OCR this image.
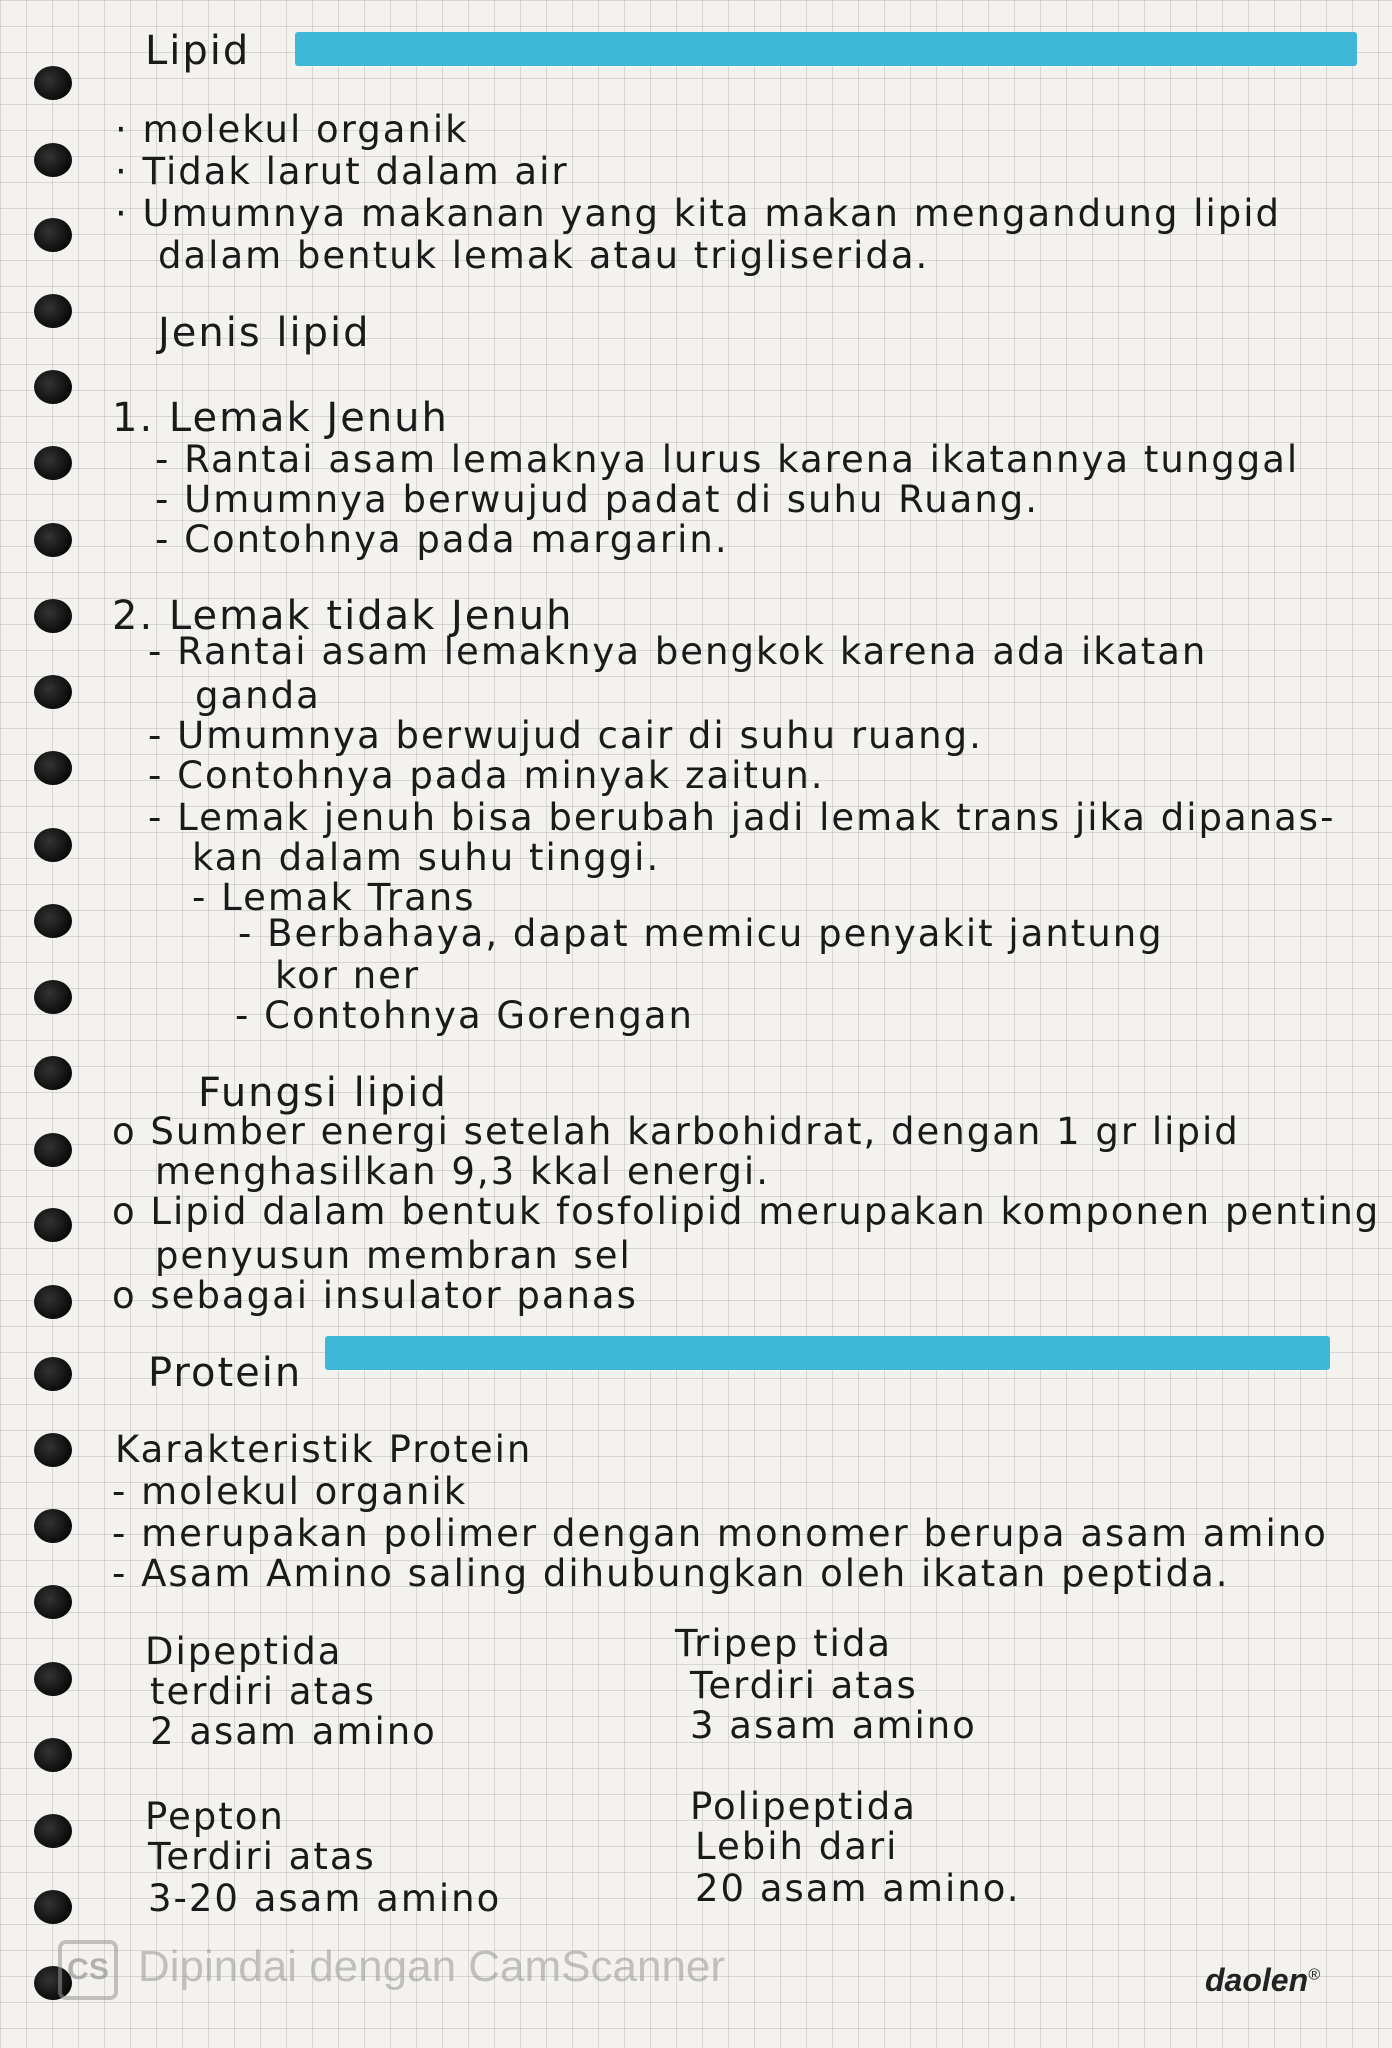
Lipid
· molekul organik
· Tidak larut dalam air
· Umumnya makanan yang kita makan mengandung lipid
dalam bentuk lemak atau trigliserida.
Jenis lipid
1. Lemak Jenuh
- Rantai asam lemaknya lurus karena ikatannya tunggal
- Umumnya berwujud padat di suhu Ruang.
- Contohnya pada margarin.
2. Lemak tidak Jenuh
- Rantai asam lemaknya bengkok karena ada ikatan
ganda
- Umumnya berwujud cair di suhu ruang.
- Contohnya pada minyak zaitun.
- Lemak jenuh bisa berubah jadi lemak trans jika dipanas-
kan dalam suhu tinggi.
- Lemak Trans
- Berbahaya, dapat memicu penyakit jantung
kor ner
- Contohnya Gorengan
Fungsi lipid
o Sumber energi setelah karbohidrat, dengan 1 gr lipid
menghasilkan 9,3 kkal energi.
o Lipid dalam bentuk fosfolipid merupakan komponen penting
penyusun membran sel
o sebagai insulator panas
Protein
Karakteristik Protein
- molekul organik
- merupakan polimer dengan monomer berupa asam amino
- Asam Amino saling dihubungkan oleh ikatan peptida.
Dipeptida
terdiri atas
2 asam amino
Tripep tida
Terdiri atas
3 asam amino
Pepton
Terdiri atas
3-20 asam amino
Polipeptida
Lebih dari
20 asam amino.
CS Dipindai dengan CamScanner	daolen®
